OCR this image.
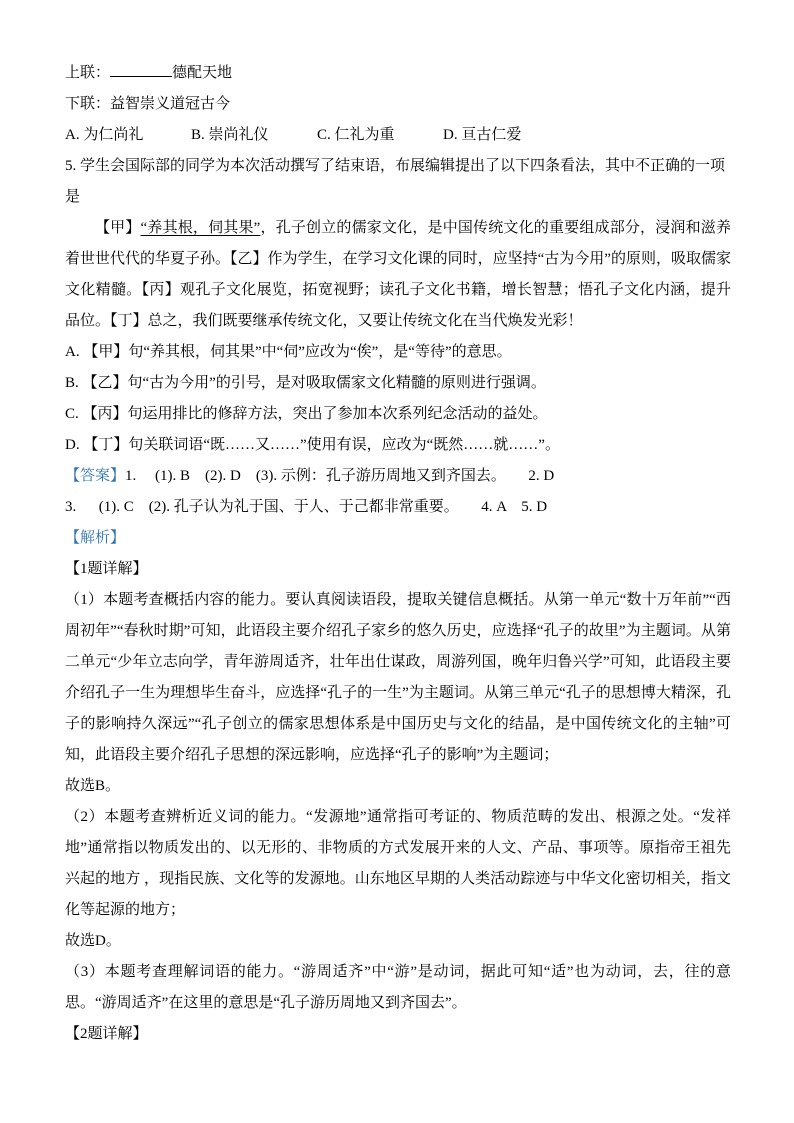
上联：	德配天地

下联：益智崇义道冠古今

A. 为仁尚礼	B. 崇尚礼仪	C. 仁礼为重	D. 亘古仁爱

5. 学生会国际部的同学为本次活动撰写了结束语，布展编辑提出了以下四条看法，其中不正确的一项是

【甲】“养其根，伺其果”，孔子创立的儒家文化，是中国传统文化的重要组成部分，浸润和滋养着世世代代的华夏子孙。【乙】作为学生，在学习文化课的同时，应坚持“古为今用”的原则，吸取儒家文化精髓。【丙】观孔子文化展览，拓宽视野；读孔子文化书籍，增长智慧；悟孔子文化内涵，提升品位。【丁】总之，我们既要继承传统文化，又要让传统文化在当代焕发光彩！

A. 【甲】句“养其根，伺其果”中“伺”应改为“俟”，是“等待”的意思。

B. 【乙】句“古为今用”的引号，是对吸取儒家文化精髓的原则进行强调。

C. 【丙】句运用排比的修辞方法，突出了参加本次系列纪念活动的益处。

D. 【丁】句关联词语“既……又……”使用有误，应改为“既然……就……”。

【答案】1.     (1). B    (2). D    (3). 示例：孔子游历周地又到齐国去。      2. D

3.      (1). C    (2). 孔子认为礼于国、于人、于己都非常重要。      4. A    5. D

【解析】

【1题详解】

（1）本题考查概括内容的能力。要认真阅读语段，提取关键信息概括。从第一单元“数十万年前”“西周初年”“春秋时期”可知，此语段主要介绍孔子家乡的悠久历史，应选择“孔子的故里”为主题词。从第二单元“少年立志向学，青年游周适齐，壮年出仕谋政，周游列国，晚年归鲁兴学”可知，此语段主要介绍孔子一生为理想毕生奋斗，应选择“孔子的一生”为主题词。从第三单元“孔子的思想博大精深，孔子的影响持久深远”“孔子创立的儒家思想体系是中国历史与文化的结晶，是中国传统文化的主轴”可知，此语段主要介绍孔子思想的深远影响，应选择“孔子的影响”为主题词；

故选B。

（2）本题考查辨析近义词的能力。“发源地”通常指可考证的、物质范畴的发出、根源之处。“发祥地”通常指以物质发出的、以无形的、非物质的方式发展开来的人文、产品、事项等。原指帝王祖先兴起的地方 ，现指民族、文化等的发源地。山东地区早期的人类活动踪迹与中华文化密切相关，指文化等起源的地方；

故选D。

（3）本题考查理解词语的能力。“游周适齐”中“游”是动词，据此可知“适”也为动词，去，往的意思。“游周适齐”在这里的意思是“孔子游历周地又到齐国去”。

【2题详解】
